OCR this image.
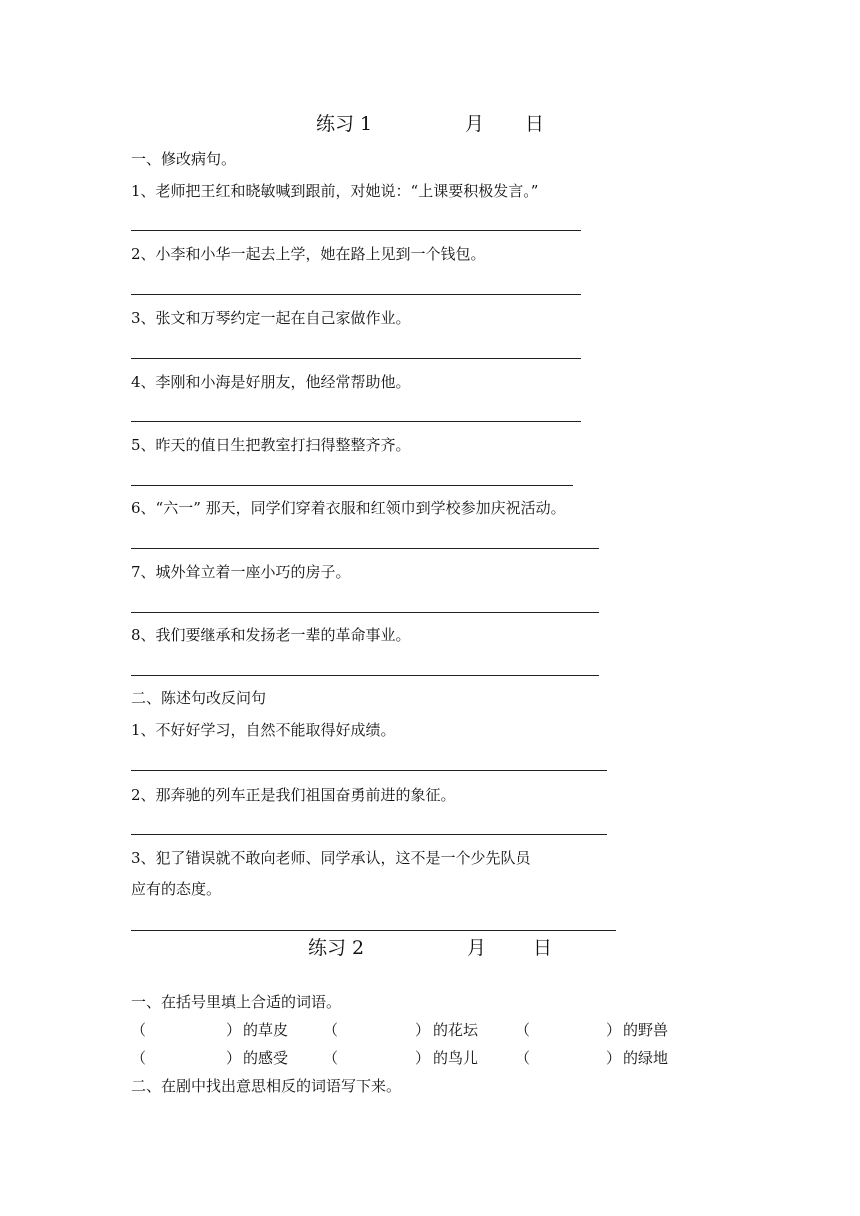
练习 1	月 日
一、修改病句。
1、老师把王红和晓敏喊到跟前，对她说：“上课要积极发言。”
2、小李和小华一起去上学，她在路上见到一个钱包。
3、张文和万琴约定一起在自己家做作业。
4、李刚和小海是好朋友，他经常帮助他。
5、昨天的值日生把教室打扫得整整齐齐。
6、“六一” 那天，同学们穿着衣服和红领巾到学校参加庆祝活动。
7、城外耸立着一座小巧的房子。
8、我们要继承和发扬老一辈的革命事业。
二、陈述句改反问句
1、不好好学习，自然不能取得好成绩。
2、那奔驰的列车正是我们祖国奋勇前进的象征。
3、犯了错误就不敢向老师、同学承认，这不是一个少先队员
应有的态度。
练习 2	月 日
一、在括号里填上合适的词语。
（	） 的草皮 （	） 的花坛 （	） 的野兽
（	） 的感受 （	） 的鸟儿 （	） 的绿地
二、在剧中找出意思相反的词语写下来。
